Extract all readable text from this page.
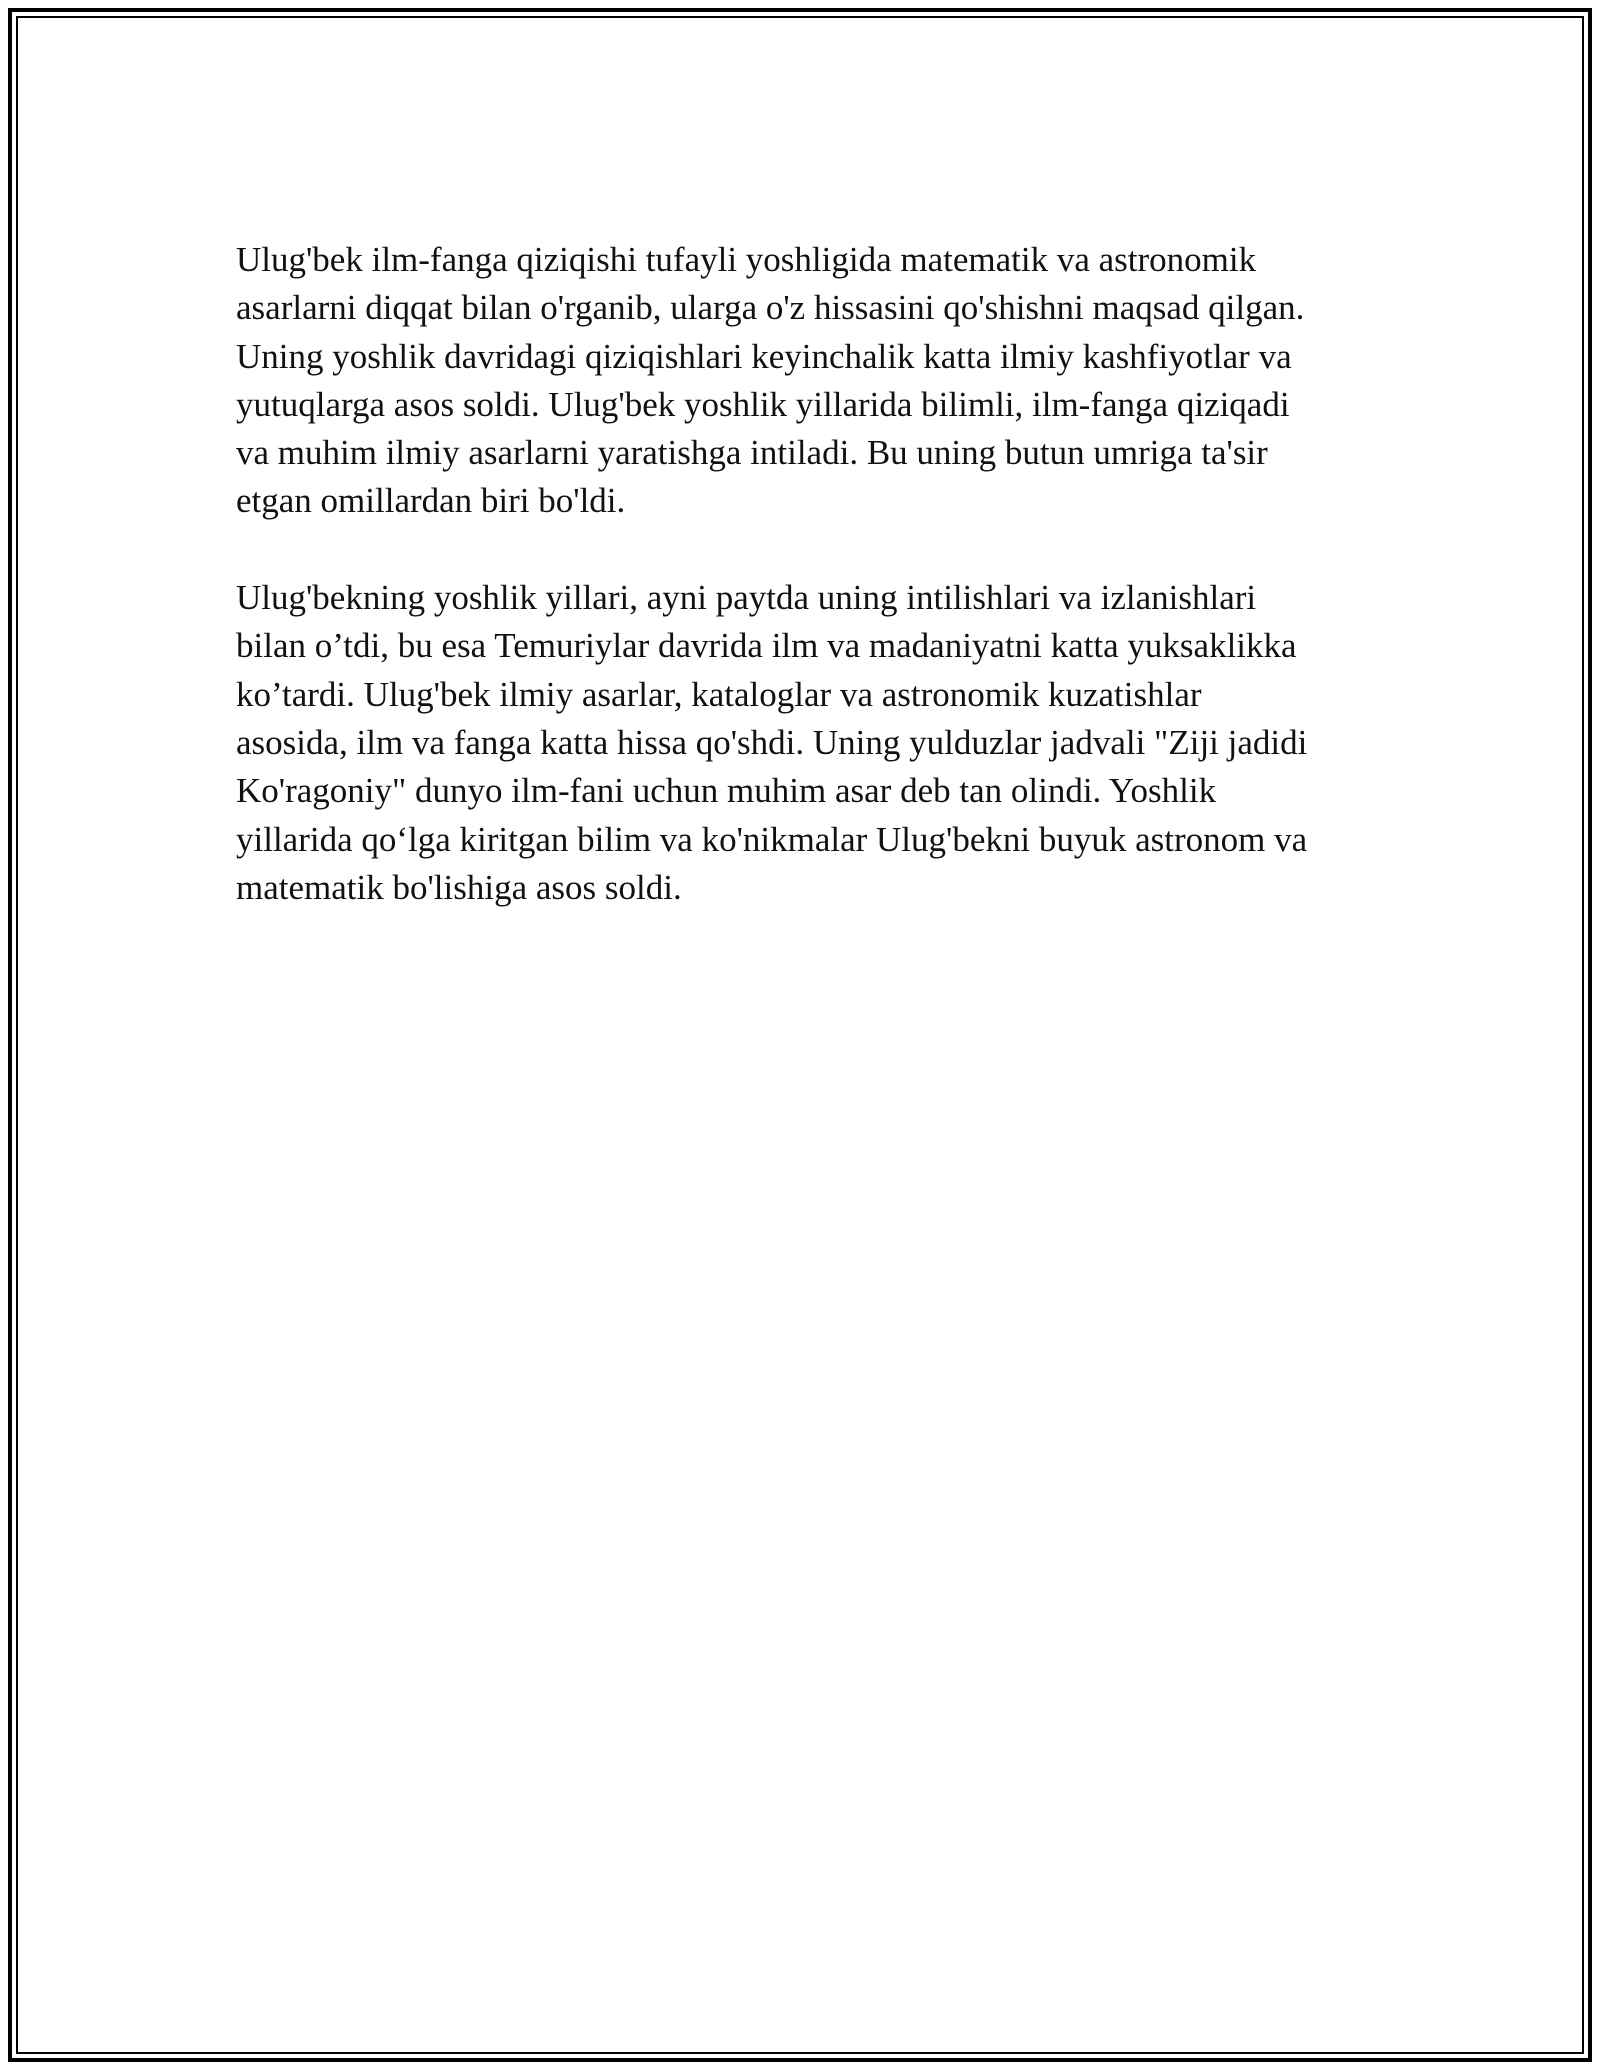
Ulug'bek ilm-fanga qiziqishi tufayli yoshligida matematik va astronomik
asarlarni diqqat bilan o'rganib, ularga o'z hissasini qo'shishni maqsad qilgan.
Uning yoshlik davridagi qiziqishlari keyinchalik katta ilmiy kashfiyotlar va
yutuqlarga asos soldi. Ulug'bek yoshlik yillarida bilimli, ilm-fanga qiziqadi
va muhim ilmiy asarlarni yaratishga intiladi. Bu uning butun umriga ta'sir
etgan omillardan biri bo'ldi.

Ulug'bekning yoshlik yillari, ayni paytda uning intilishlari va izlanishlari
bilan o’tdi, bu esa Temuriylar davrida ilm va madaniyatni katta yuksaklikka
ko’tardi. Ulug'bek ilmiy asarlar, kataloglar va astronomik kuzatishlar
asosida, ilm va fanga katta hissa qo'shdi. Uning yulduzlar jadvali "Ziji jadidi
Ko'ragoniy" dunyo ilm-fani uchun muhim asar deb tan olindi. Yoshlik
yillarida qo‘lga kiritgan bilim va ko'nikmalar Ulug'bekni buyuk astronom va
matematik bo'lishiga asos soldi.
